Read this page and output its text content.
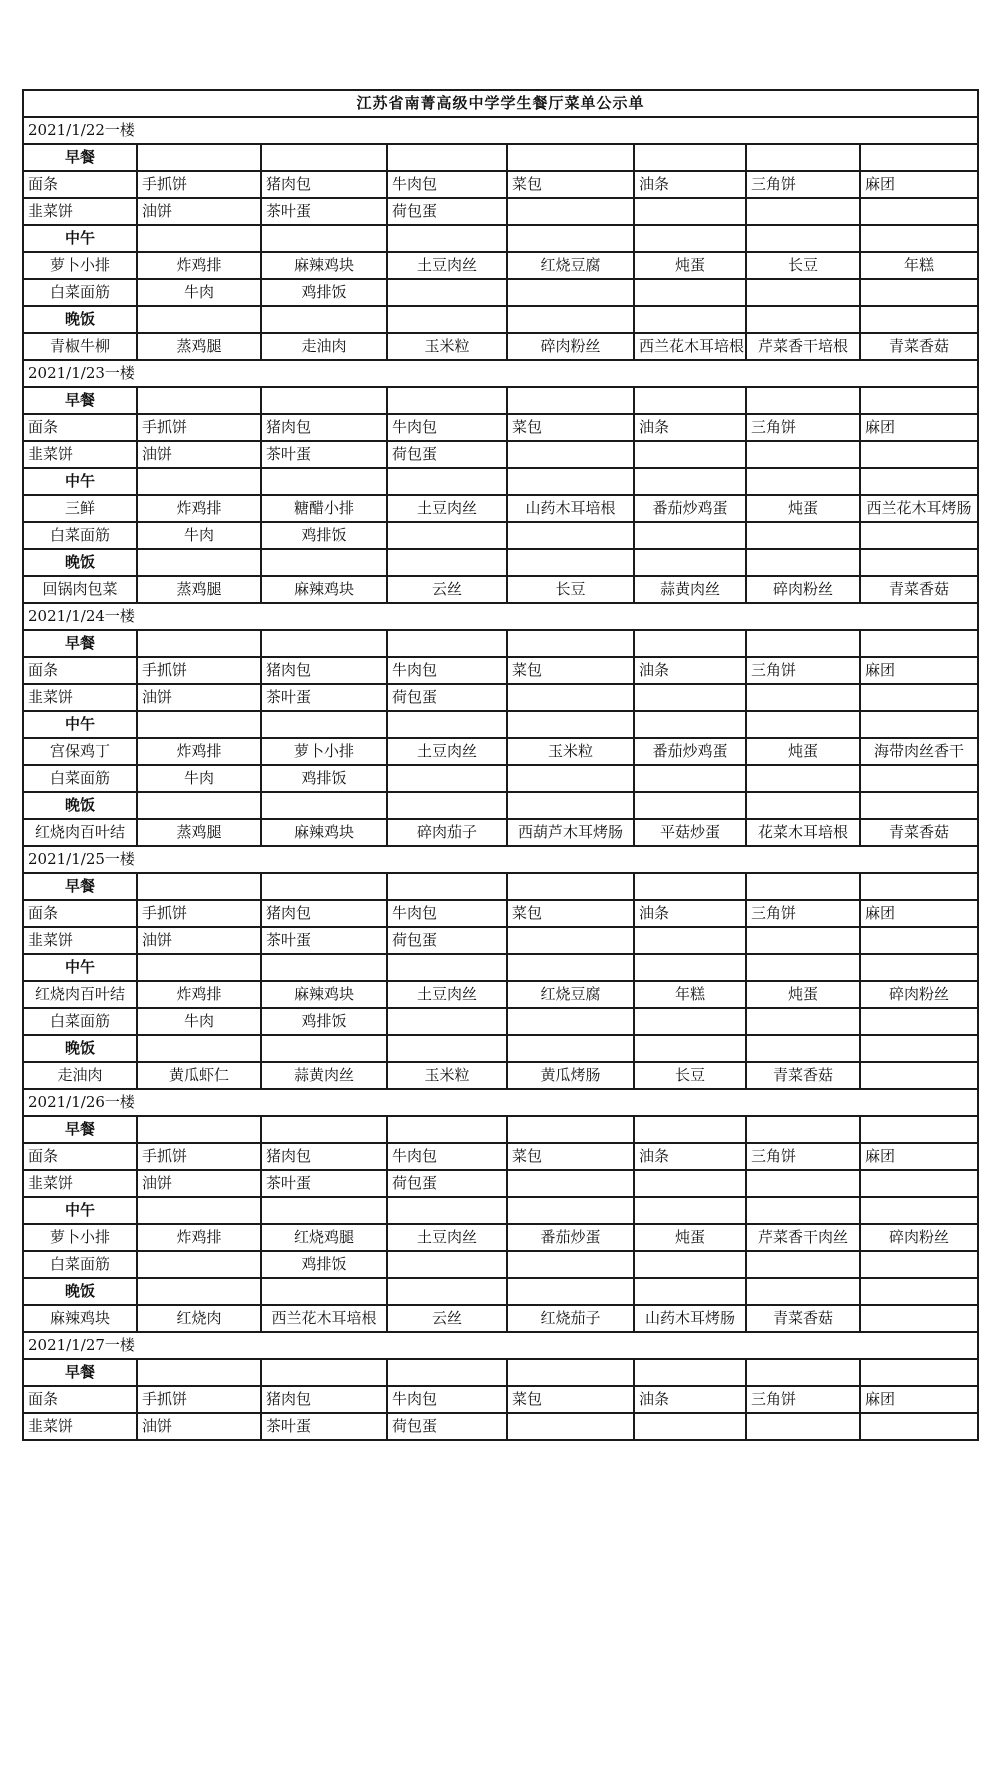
江苏省南菁高级中学学生餐厅菜单公示单							
2021/1/22一楼							
早餐							
面条	手抓饼	猪肉包	牛肉包	菜包	油条	三角饼	麻团
韭菜饼	油饼	茶叶蛋	荷包蛋				
中午							
萝卜小排	炸鸡排	麻辣鸡块	土豆肉丝	红烧豆腐	炖蛋	长豆	年糕
白菜面筋	牛肉	鸡排饭					
晚饭							
青椒牛柳	蒸鸡腿	走油肉	玉米粒	碎肉粉丝	西兰花木耳培根	芹菜香干培根	青菜香菇
2021/1/23一楼							
早餐							
面条	手抓饼	猪肉包	牛肉包	菜包	油条	三角饼	麻团
韭菜饼	油饼	茶叶蛋	荷包蛋				
中午							
三鲜	炸鸡排	糖醋小排	土豆肉丝	山药木耳培根	番茄炒鸡蛋	炖蛋	西兰花木耳烤肠
白菜面筋	牛肉	鸡排饭					
晚饭							
回锅肉包菜	蒸鸡腿	麻辣鸡块	云丝	长豆	蒜黄肉丝	碎肉粉丝	青菜香菇
2021/1/24一楼							
早餐							
面条	手抓饼	猪肉包	牛肉包	菜包	油条	三角饼	麻团
韭菜饼	油饼	茶叶蛋	荷包蛋				
中午							
宫保鸡丁	炸鸡排	萝卜小排	土豆肉丝	玉米粒	番茄炒鸡蛋	炖蛋	海带肉丝香干
白菜面筋	牛肉	鸡排饭					
晚饭							
红烧肉百叶结	蒸鸡腿	麻辣鸡块	碎肉茄子	西葫芦木耳烤肠	平菇炒蛋	花菜木耳培根	青菜香菇
2021/1/25一楼							
早餐							
面条	手抓饼	猪肉包	牛肉包	菜包	油条	三角饼	麻团
韭菜饼	油饼	茶叶蛋	荷包蛋				
中午							
红烧肉百叶结	炸鸡排	麻辣鸡块	土豆肉丝	红烧豆腐	年糕	炖蛋	碎肉粉丝
白菜面筋	牛肉	鸡排饭					
晚饭							
走油肉	黄瓜虾仁	蒜黄肉丝	玉米粒	黄瓜烤肠	长豆	青菜香菇	
2021/1/26一楼							
早餐							
面条	手抓饼	猪肉包	牛肉包	菜包	油条	三角饼	麻团
韭菜饼	油饼	茶叶蛋	荷包蛋				
中午							
萝卜小排	炸鸡排	红烧鸡腿	土豆肉丝	番茄炒蛋	炖蛋	芹菜香干肉丝	碎肉粉丝
白菜面筋		鸡排饭					
晚饭							
麻辣鸡块	红烧肉	西兰花木耳培根	云丝	红烧茄子	山药木耳烤肠	青菜香菇	
2021/1/27一楼							
早餐							
面条	手抓饼	猪肉包	牛肉包	菜包	油条	三角饼	麻团
韭菜饼	油饼	茶叶蛋	荷包蛋				
